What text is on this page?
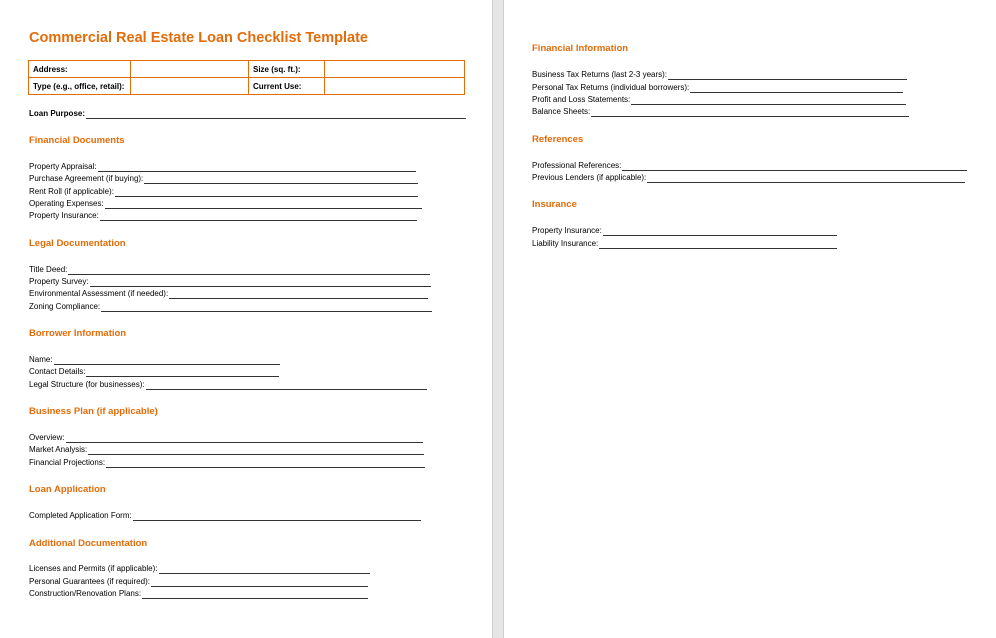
Commercial Real Estate Loan Checklist Template
Address:		Size (sq. ft.):	
Type (e.g., office, retail):		Current Use:	
Loan Purpose:
Financial Documents
Property Appraisal:
Purchase Agreement (if buying):
Rent Roll (if applicable):
Operating Expenses:
Property Insurance:
Legal Documentation
Title Deed:
Property Survey:
Environmental Assessment (if needed):
Zoning Compliance:
Borrower Information
Name:
Contact Details:
Legal Structure (for businesses):
Business Plan (if applicable)
Overview:
Market Analysis:
Financial Projections:
Loan Application
Completed Application Form:
Additional Documentation
Licenses and Permits (if applicable):
Personal Guarantees (if required):
Construction/Renovation Plans:
Financial Information
Business Tax Returns (last 2-3 years):
Personal Tax Returns (individual borrowers):
Profit and Loss Statements:
Balance Sheets:
References
Professional References:
Previous Lenders (if applicable):
Insurance
Property Insurance:
Liability Insurance:
